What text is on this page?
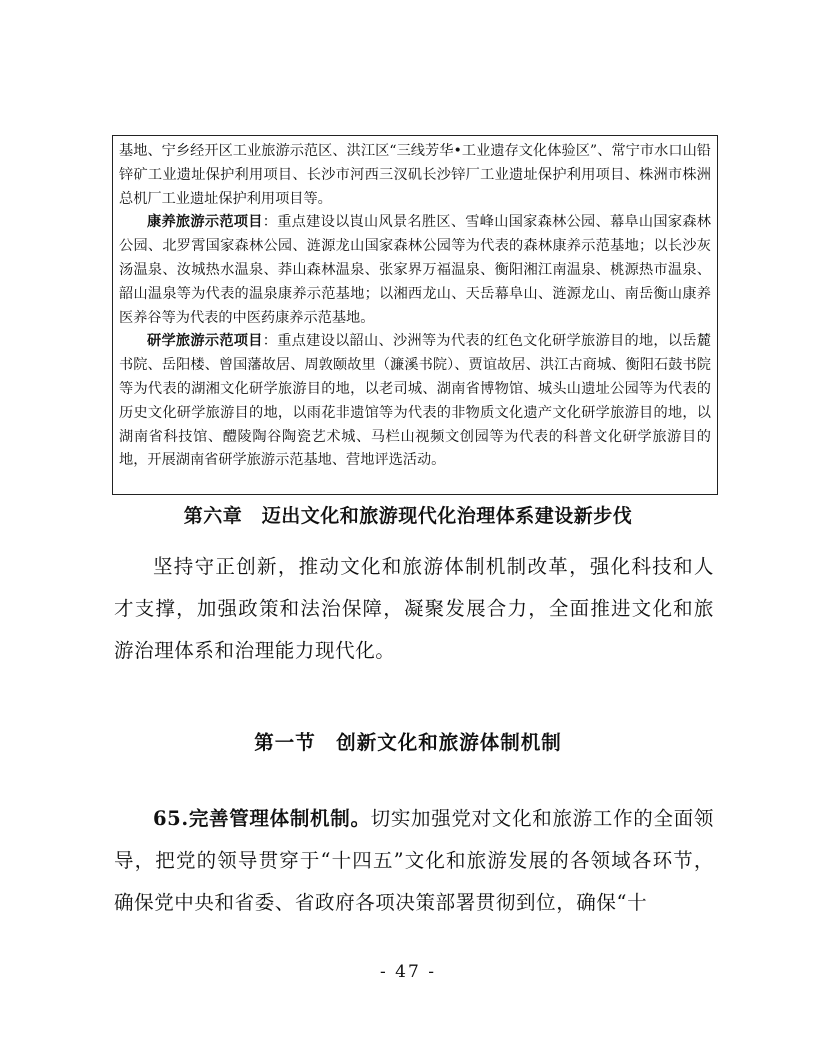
基地、宁乡经开区工业旅游示范区、洪江区“三线芳华•工业遗存文化体验区”、常宁市水口山铅锌矿工业遗址保护利用项目、长沙市河西三汊矶长沙锌厂工业遗址保护利用项目、株洲市株洲总机厂工业遗址保护利用项目等。

康养旅游示范项目：重点建设以崀山风景名胜区、雪峰山国家森林公园、幕阜山国家森林公园、北罗霄国家森林公园、涟源龙山国家森林公园等为代表的森林康养示范基地；以长沙灰汤温泉、汝城热水温泉、莽山森林温泉、张家界万福温泉、衡阳湘江南温泉、桃源热市温泉、韶山温泉等为代表的温泉康养示范基地；以湘西龙山、天岳幕阜山、涟源龙山、南岳衡山康养医养谷等为代表的中医药康养示范基地。

研学旅游示范项目：重点建设以韶山、沙洲等为代表的红色文化研学旅游目的地，以岳麓书院、岳阳楼、曾国藩故居、周敦颐故里（濂溪书院）、贾谊故居、洪江古商城、衡阳石鼓书院等为代表的湖湘文化研学旅游目的地，以老司城、湖南省博物馆、城头山遗址公园等为代表的历史文化研学旅游目的地，以雨花非遗馆等为代表的非物质文化遗产文化研学旅游目的地，以湖南省科技馆、醴陵陶谷陶瓷艺术城、马栏山视频文创园等为代表的科普文化研学旅游目的地，开展湖南省研学旅游示范基地、营地评选活动。

第六章　迈出文化和旅游现代化治理体系建设新步伐

坚持守正创新，推动文化和旅游体制机制改革，强化科技和人才支撑，加强政策和法治保障，凝聚发展合力，全面推进文化和旅游治理体系和治理能力现代化。

第一节　创新文化和旅游体制机制

65.完善管理体制机制。切实加强党对文化和旅游工作的全面领导，把党的领导贯穿于“十四五”文化和旅游发展的各领域各环节，确保党中央和省委、省政府各项决策部署贯彻到位，确保“十

- 47 -
